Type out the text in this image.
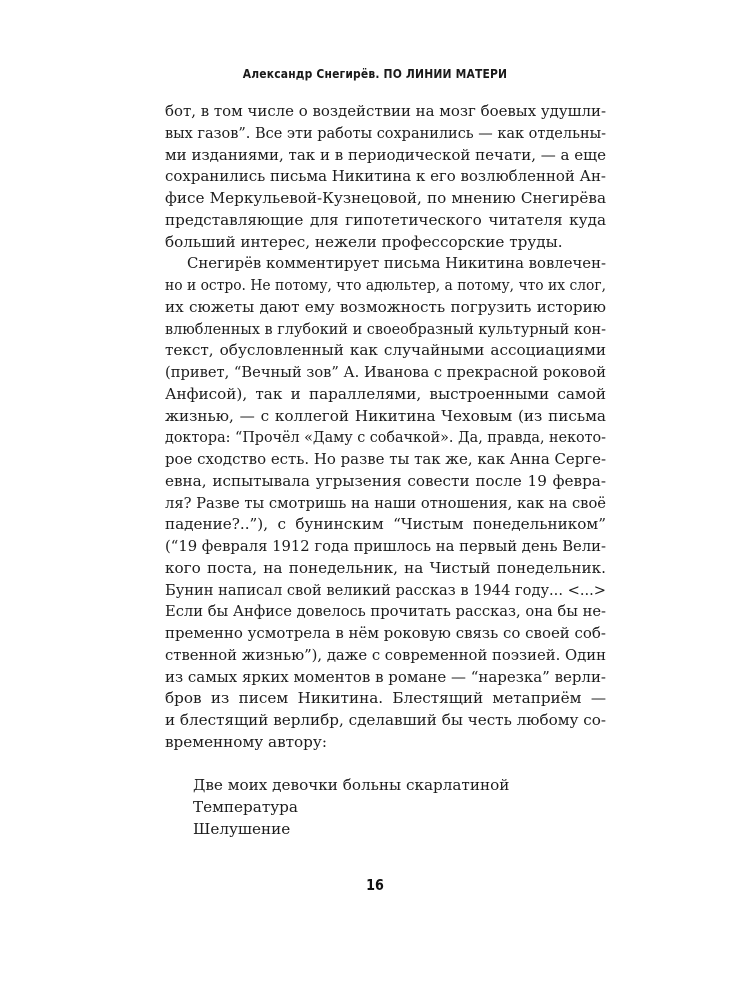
Александр Снегирёв. ПО ЛИНИИ МАТЕРИ
бот, в том числе о воздействии на мозг боевых удушли-
вых газов”. Все эти работы сохранились — как отдельны-
ми изданиями, так и в периодической печати, — а еще
сохранились письма Никитина к его возлюбленной Ан-
фисе Меркульевой-Кузнецовой, по мнению Снегирёва
представляющие для гипотетического читателя куда
больший интерес, нежели профессорские труды.
Снегирёв комментирует письма Никитина вовлечен-
но и остро. Не потому, что адюльтер, а потому, что их слог,
их сюжеты дают ему возможность погрузить историю
влюбленных в глубокий и своеобразный культурный кон-
текст, обусловленный как случайными ассоциациями
(привет, “Вечный зов” А. Иванова с прекрасной роковой
Анфисой), так и параллелями, выстроенными самой
жизнью, — с коллегой Никитина Чеховым (из письма
доктора: “Прочёл «Даму с собачкой». Да, правда, некото-
рое сходство есть. Но разве ты так же, как Анна Серге-
евна, испытывала угрызения совести после 19 февра-
ля? Разве ты смотришь на наши отношения, как на своё
падение?..”), с бунинским “Чистым понедельником”
(“19 февраля 1912 года пришлось на первый день Вели-
кого поста, на понедельник, на Чистый понедельник.
Бунин написал свой великий рассказ в 1944 году... <...>
Если бы Анфисе довелось прочитать рассказ, она бы не-
пременно усмотрела в нём роковую связь со своей соб-
ственной жизнью”), даже с современной поэзией. Один
из самых ярких моментов в романе — “нарезка” верли-
бров из писем Никитина. Блестящий метаприём —
и блестящий верлибр, сделавший бы честь любому со-
временному автору:
Две моих девочки больны скарлатиной
Температура
Шелушение
16
